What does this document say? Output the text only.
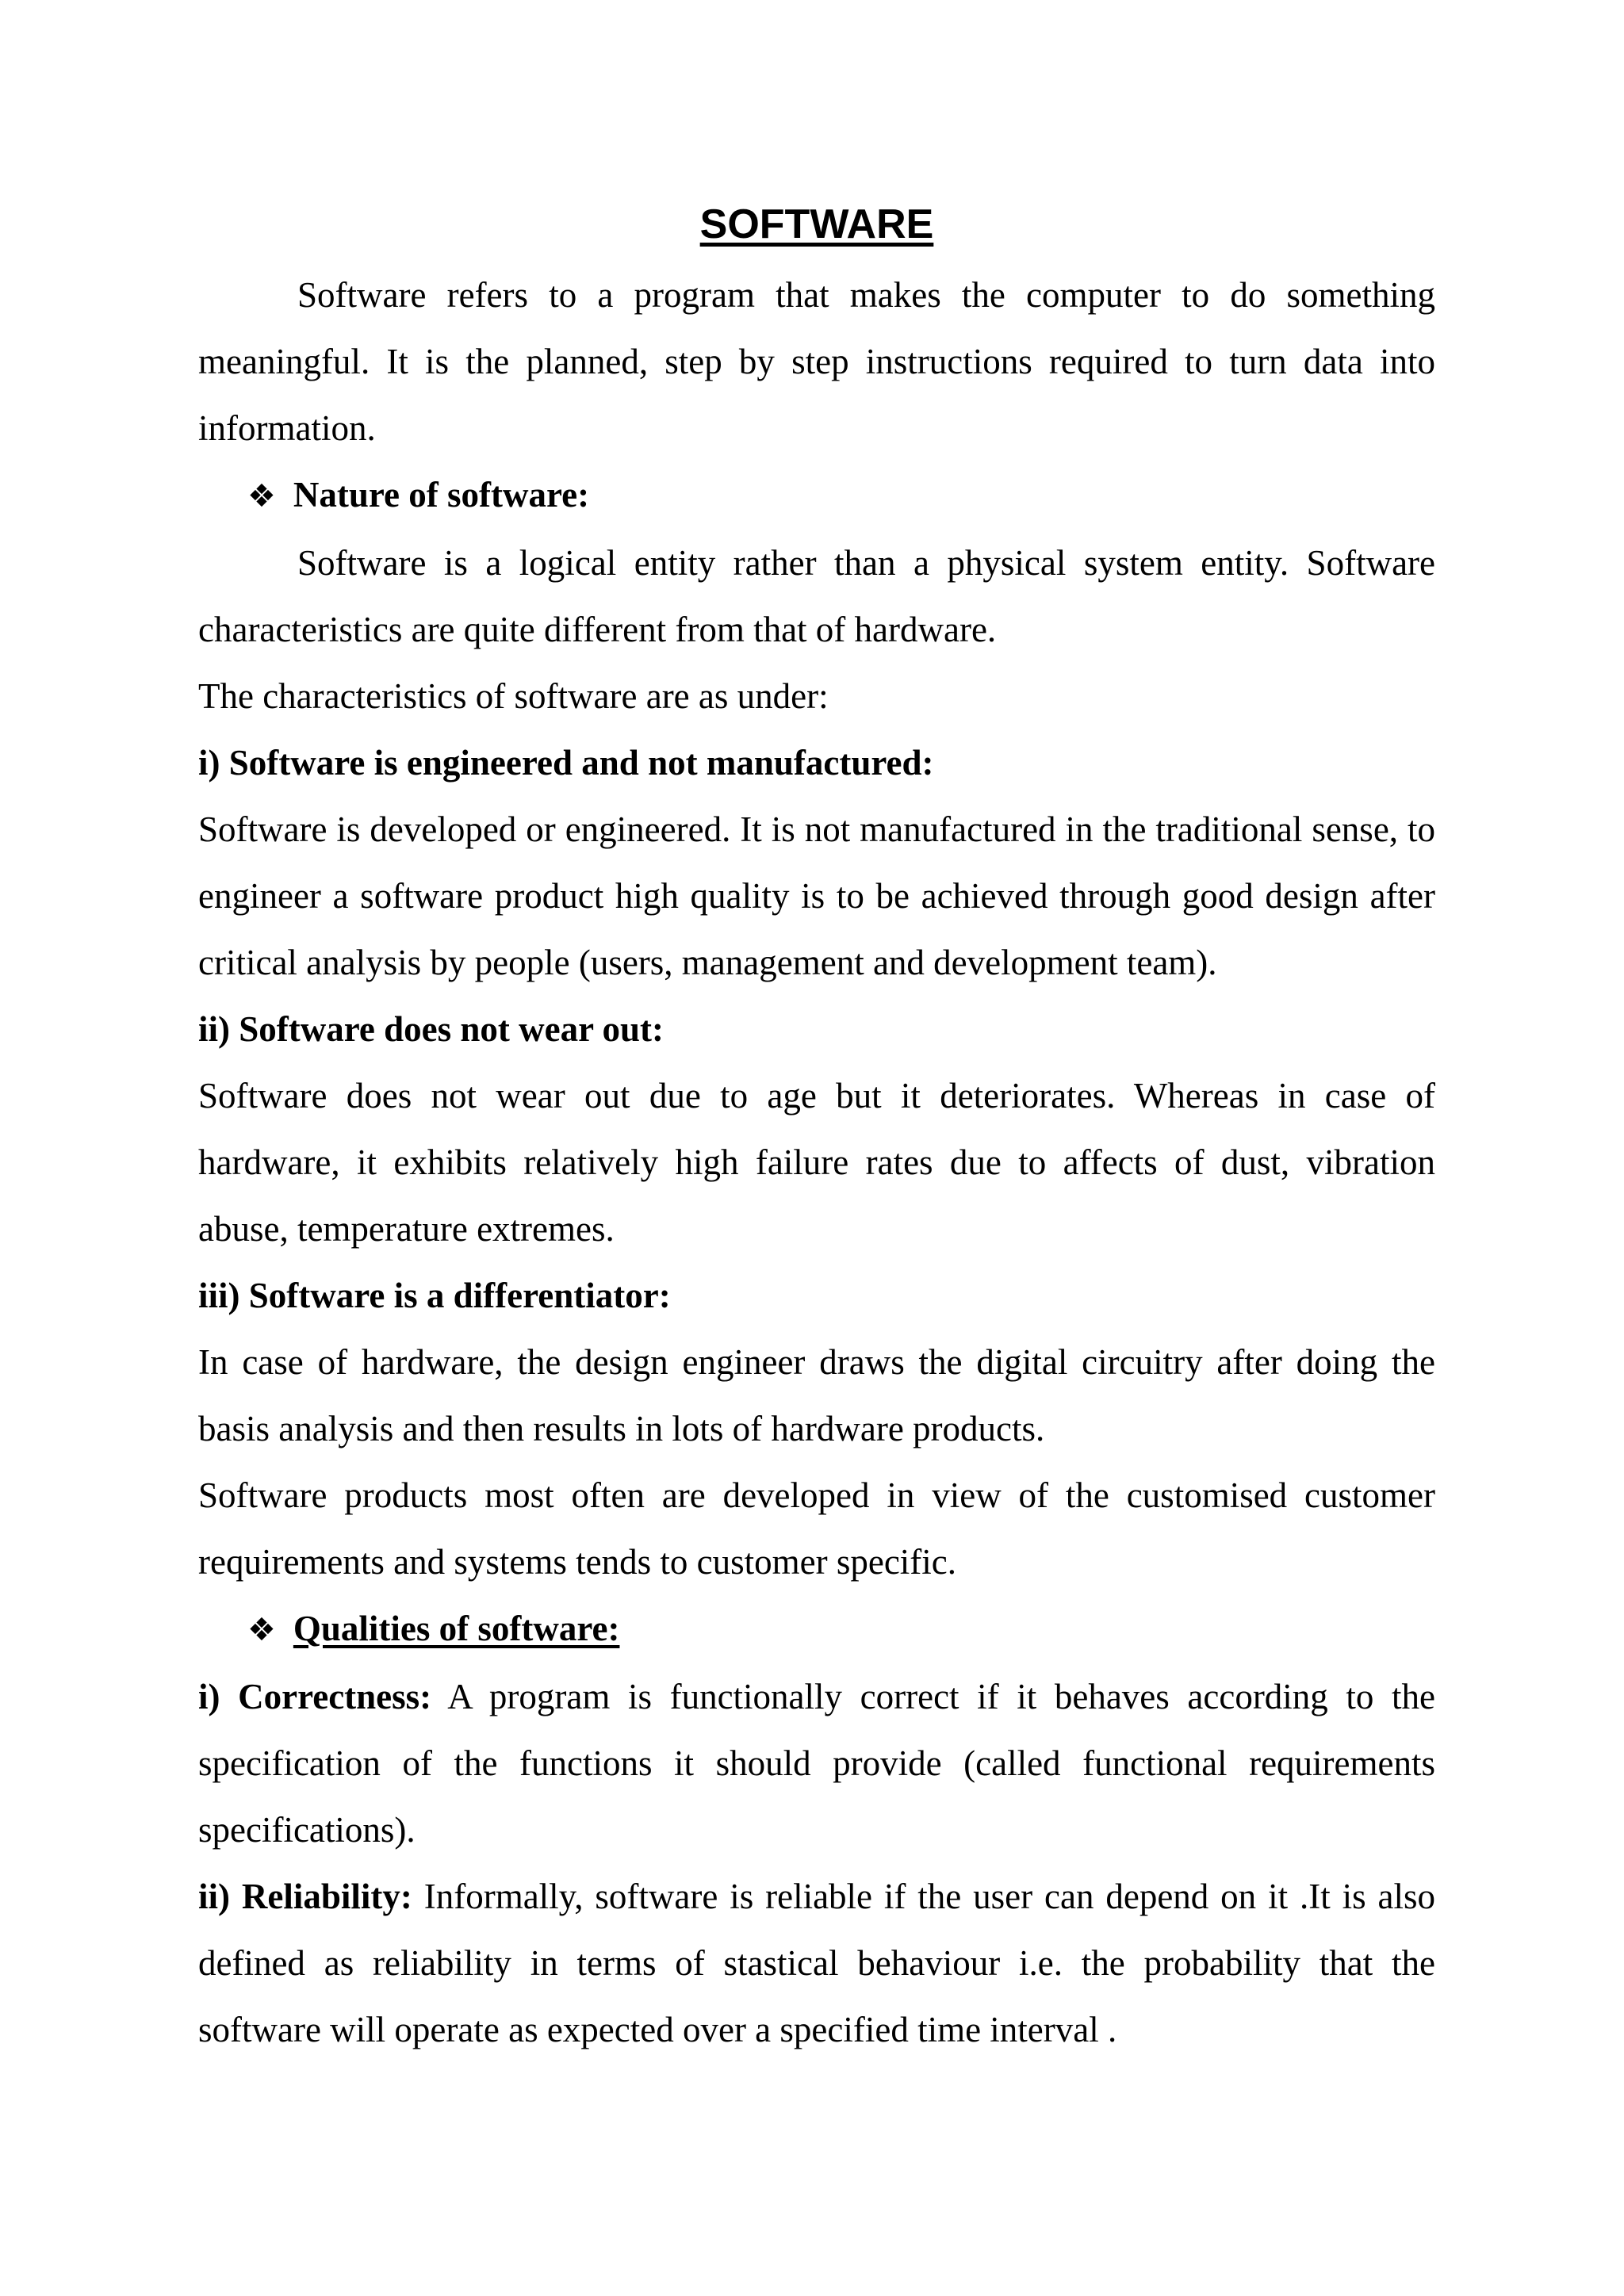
SOFTWARE

Software refers to a program that makes the computer to do something meaningful. It is the planned, step by step instructions required to turn data into information.

❖ Nature of software:

Software is a logical entity rather than a physical system entity. Software characteristics are quite different from that of hardware.

The characteristics of software are as under:

i) Software is engineered and not manufactured:

Software is developed or engineered. It is not manufactured in the traditional sense, to engineer a software product high quality is to be achieved through good design after critical analysis by people (users, management and development team).

ii) Software does not wear out:

Software does not wear out due to age but it deteriorates. Whereas in case of hardware, it exhibits relatively high failure rates due to affects of dust, vibration abuse, temperature extremes.

iii) Software is a differentiator:

In case of hardware, the design engineer draws the digital circuitry after doing the basis analysis and then results in lots of hardware products.

Software products most often are developed in view of the customised customer requirements and systems tends to customer specific.

❖ Qualities of software:

i) Correctness: A program is functionally correct if it behaves according to the specification of the functions it should provide (called functional requirements specifications).

ii) Reliability: Informally, software is reliable if the user can depend on it .It is also defined as reliability in terms of stastical behaviour i.e. the probability that the software will operate as expected over a specified time interval .
